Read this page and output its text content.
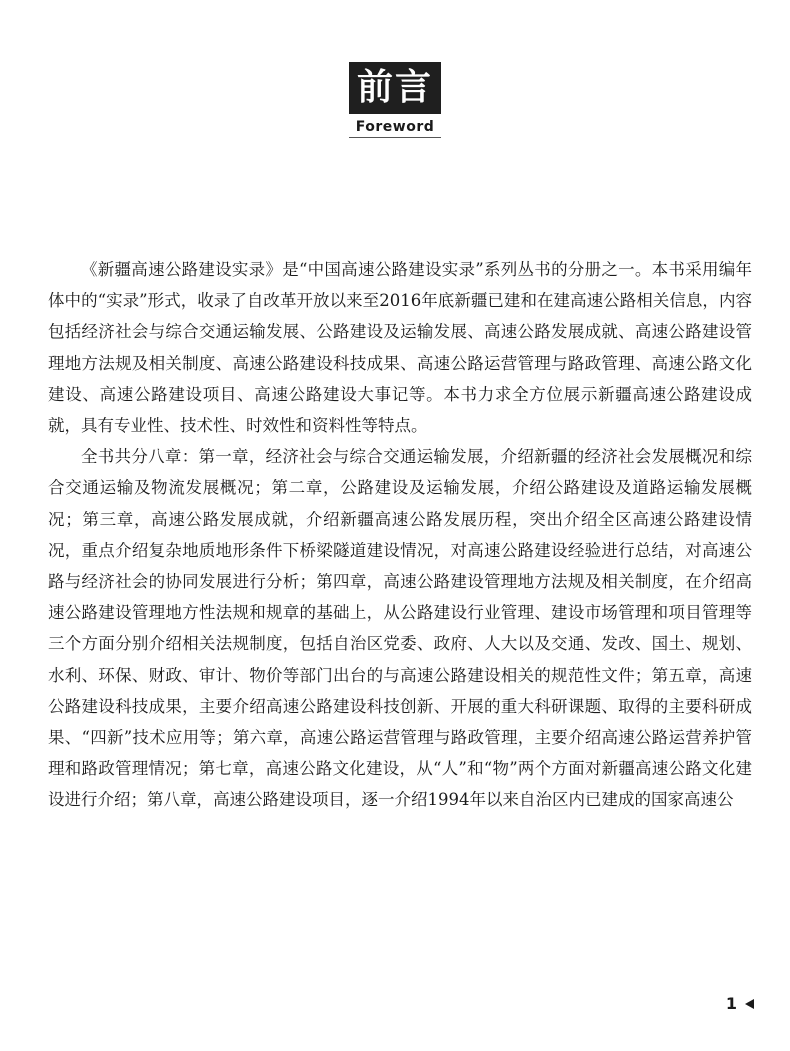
前言
Foreword

《新疆高速公路建设实录》是“中国高速公路建设实录”系列丛书的分册之一。本书采用编年体中的“实录”形式，收录了自改革开放以来至2016年底新疆已建和在建高速公路相关信息，内容包括经济社会与综合交通运输发展、公路建设及运输发展、高速公路发展成就、高速公路建设管理地方法规及相关制度、高速公路建设科技成果、高速公路运营管理与路政管理、高速公路文化建设、高速公路建设项目、高速公路建设大事记等。本书力求全方位展示新疆高速公路建设成就，具有专业性、技术性、时效性和资料性等特点。

全书共分八章：第一章，经济社会与综合交通运输发展，介绍新疆的经济社会发展概况和综合交通运输及物流发展概况；第二章，公路建设及运输发展，介绍公路建设及道路运输发展概况；第三章，高速公路发展成就，介绍新疆高速公路发展历程，突出介绍全区高速公路建设情况，重点介绍复杂地质地形条件下桥梁隧道建设情况，对高速公路建设经验进行总结，对高速公路与经济社会的协同发展进行分析；第四章，高速公路建设管理地方法规及相关制度，在介绍高速公路建设管理地方性法规和规章的基础上，从公路建设行业管理、建设市场管理和项目管理等三个方面分别介绍相关法规制度，包括自治区党委、政府、人大以及交通、发改、国土、规划、水利、环保、财政、审计、物价等部门出台的与高速公路建设相关的规范性文件；第五章，高速公路建设科技成果，主要介绍高速公路建设科技创新、开展的重大科研课题、取得的主要科研成果、“四新”技术应用等；第六章，高速公路运营管理与路政管理，主要介绍高速公路运营养护管理和路政管理情况；第七章，高速公路文化建设，从“人”和“物”两个方面对新疆高速公路文化建设进行介绍；第八章，高速公路建设项目，逐一介绍1994年以来自治区内已建成的国家高速公

1
